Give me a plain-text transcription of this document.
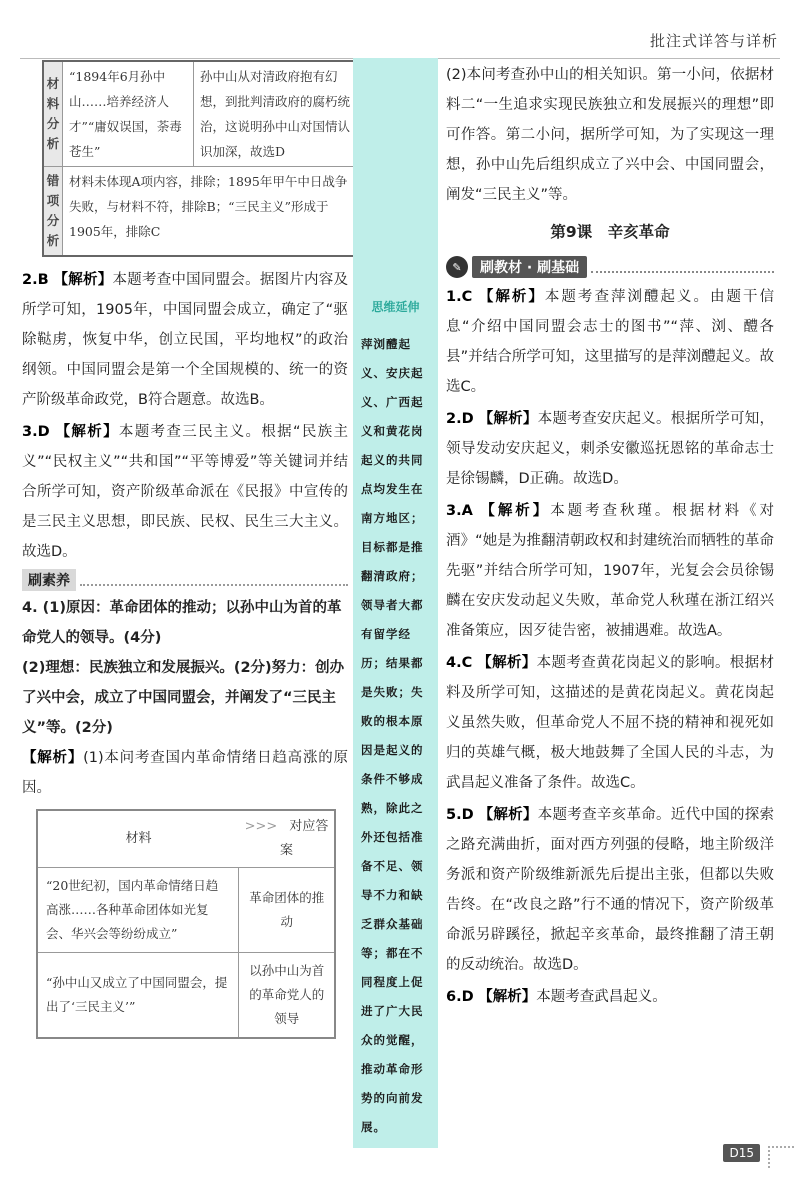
批注式详答与详析
材料分析	“1894年6月孙中山……培养经济人才”“庸奴误国，荼毒苍生”	孙中山从对清政府抱有幻想，到批判清政府的腐朽统治，这说明孙中山对国情认识加深，故选D
错项分析	材料未体现A项内容，排除；1895年甲午中日战争失败，与材料不符，排除B；“三民主义”形成于1905年，排除C	

2.B 【解析】本题考查中国同盟会。据图片内容及所学可知，1905年，中国同盟会成立，确定了“驱除鞑虏，恢复中华，创立民国，平均地权”的政治纲领。中国同盟会是第一个全国规模的、统一的资产阶级革命政党，B符合题意。故选B。

3.D 【解析】本题考查三民主义。根据“民族主义”“民权主义”“共和国”“平等博爱”等关键词并结合所学可知，资产阶级革命派在《民报》中宣传的是三民主义思想，即民族、民权、民生三大主义。故选D。

刷素养

4. (1)原因：革命团体的推动；以孙中山为首的革命党人的领导。(4分)

(2)理想：民族独立和发展振兴。(2分)努力：创办了兴中会，成立了中国同盟会，并阐发了“三民主义”等。(2分)

【解析】(1)本问考查国内革命情绪日趋高涨的原因。

材料	>>> 对应答案
“20世纪初，国内革命情绪日趋高涨……各种革命团体如光复会、华兴会等纷纷成立”	革命团体的推动
“孙中山又成立了中国同盟会，提出了‘三民主义’”	以孙中山为首的革命党人的领导
思维延伸
萍浏醴起义、安庆起义、广西起义和黄花岗起义的共同点均发生在南方地区；目标都是推翻清政府；领导者大都有留学经历；结果都是失败；失败的根本原因是起义的条件不够成熟，除此之外还包括准备不足、领导不力和缺乏群众基础等；都在不同程度上促进了广大民众的觉醒，推动革命形势的向前发展。

(2)本问考查孙中山的相关知识。第一小问，依据材料二“一生追求实现民族独立和发展振兴的理想”即可作答。第二小问，据所学可知，为了实现这一理想，孙中山先后组织成立了兴中会、中国同盟会，阐发“三民主义”等。

第9课　辛亥革命
✎	刷教材 · 刷基础

1.C 【解析】本题考查萍浏醴起义。由题干信息“介绍中国同盟会志士的图书”“萍、浏、醴各县”并结合所学可知，这里描写的是萍浏醴起义。故选C。

2.D 【解析】本题考查安庆起义。根据所学可知，领导发动安庆起义，刺杀安徽巡抚恩铭的革命志士是徐锡麟，D正确。故选D。

3.A 【解析】本题考查秋瑾。根据材料《对酒》“她是为推翻清朝政权和封建统治而牺牲的革命先驱”并结合所学可知，1907年，光复会会员徐锡麟在安庆发动起义失败，革命党人秋瑾在浙江绍兴准备策应，因歹徒告密，被捕遇难。故选A。

4.C 【解析】本题考查黄花岗起义的影响。根据材料及所学可知，这描述的是黄花岗起义。黄花岗起义虽然失败，但革命党人不屈不挠的精神和视死如归的英雄气概，极大地鼓舞了全国人民的斗志，为武昌起义准备了条件。故选C。

5.D 【解析】本题考查辛亥革命。近代中国的探索之路充满曲折，面对西方列强的侵略，地主阶级洋务派和资产阶级维新派先后提出主张，但都以失败告终。在“改良之路”行不通的情况下，资产阶级革命派另辟蹊径，掀起辛亥革命，最终推翻了清王朝的反动统治。故选D。

6.D 【解析】本题考查武昌起义。

D15
